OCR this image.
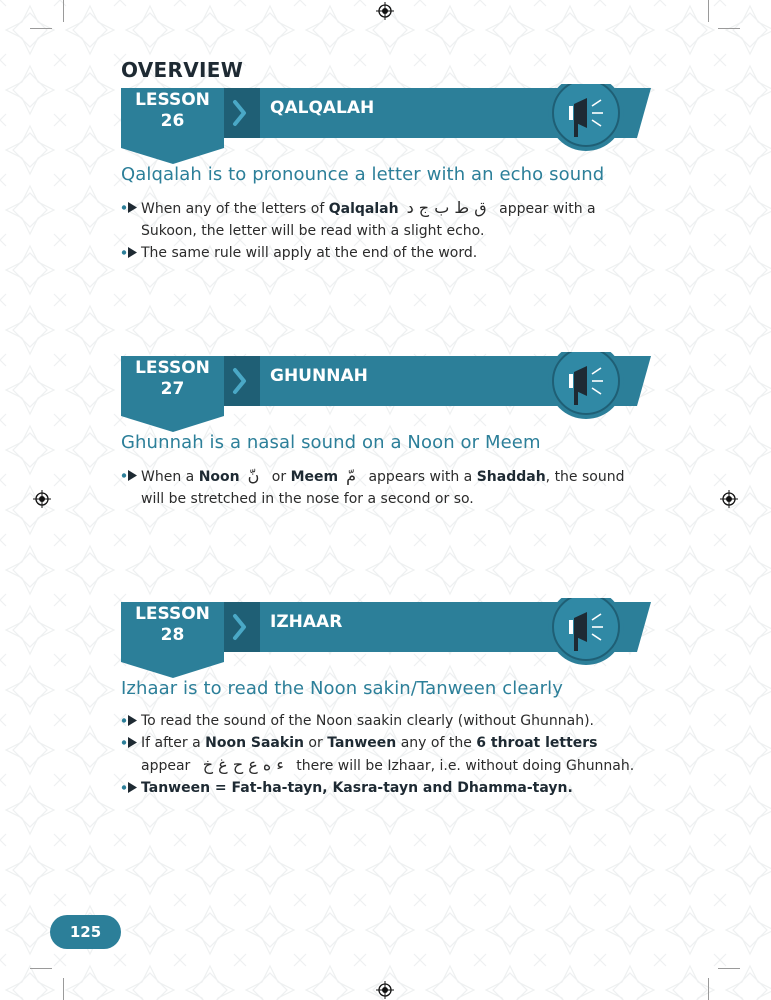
OVERVIEW
LESSON
26
QALQALAH
Qalqalah is to pronounce a letter with an echo sound
When any of the letters of Qalqalah ق ط ب ج د appear with a Sukoon, the letter will be read with a slight echo.
The same rule will apply at the end of the word.
LESSON
27
GHUNNAH
Ghunnah is a nasal sound on a Noon or Meem
When a Noon نّ or Meem مّ appears with a Shaddah, the sound will be stretched in the nose for a second or so.
LESSON
28
IZHAAR
Izhaar is to read the Noon sakin/Tanween clearly
To read the sound of the Noon saakin clearly (without Ghunnah).
If after a Noon Saakin or Tanween any of the 6 throat letters appear ء ه ع ح غ خ there will be Izhaar, i.e. without doing Ghunnah.
Tanween = Fat-ha-tayn, Kasra-tayn and Dhamma-tayn.
125
